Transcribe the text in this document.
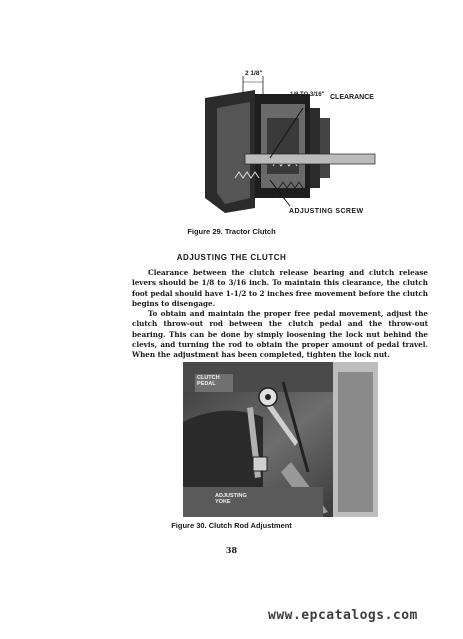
2 1/8"
1/8 TO 3/16" CLEARANCE
ADJUSTING SCREW
Figure 29. Tractor Clutch
ADJUSTING THE CLUTCH

Clearance between the clutch release bearing and clutch release levers should be 1/8 to 3/16 inch. To maintain this clearance, the clutch foot pedal should have 1-1/2 to 2 inches free movement before the clutch begins to disengage.

To obtain and maintain the proper free pedal movement, adjust the clutch throw-out rod between the clutch pedal and the throw-out bearing. This can be done by simply loosening the lock nut behind the clevis, and turning the rod to obtain the proper amount of pedal travel. When the adjustment has been completed, tighten the lock nut.

CLUTCH PEDAL
ADJUSTING YOKE
Figure 30. Clutch Rod Adjustment
38
www.epcatalogs.com
